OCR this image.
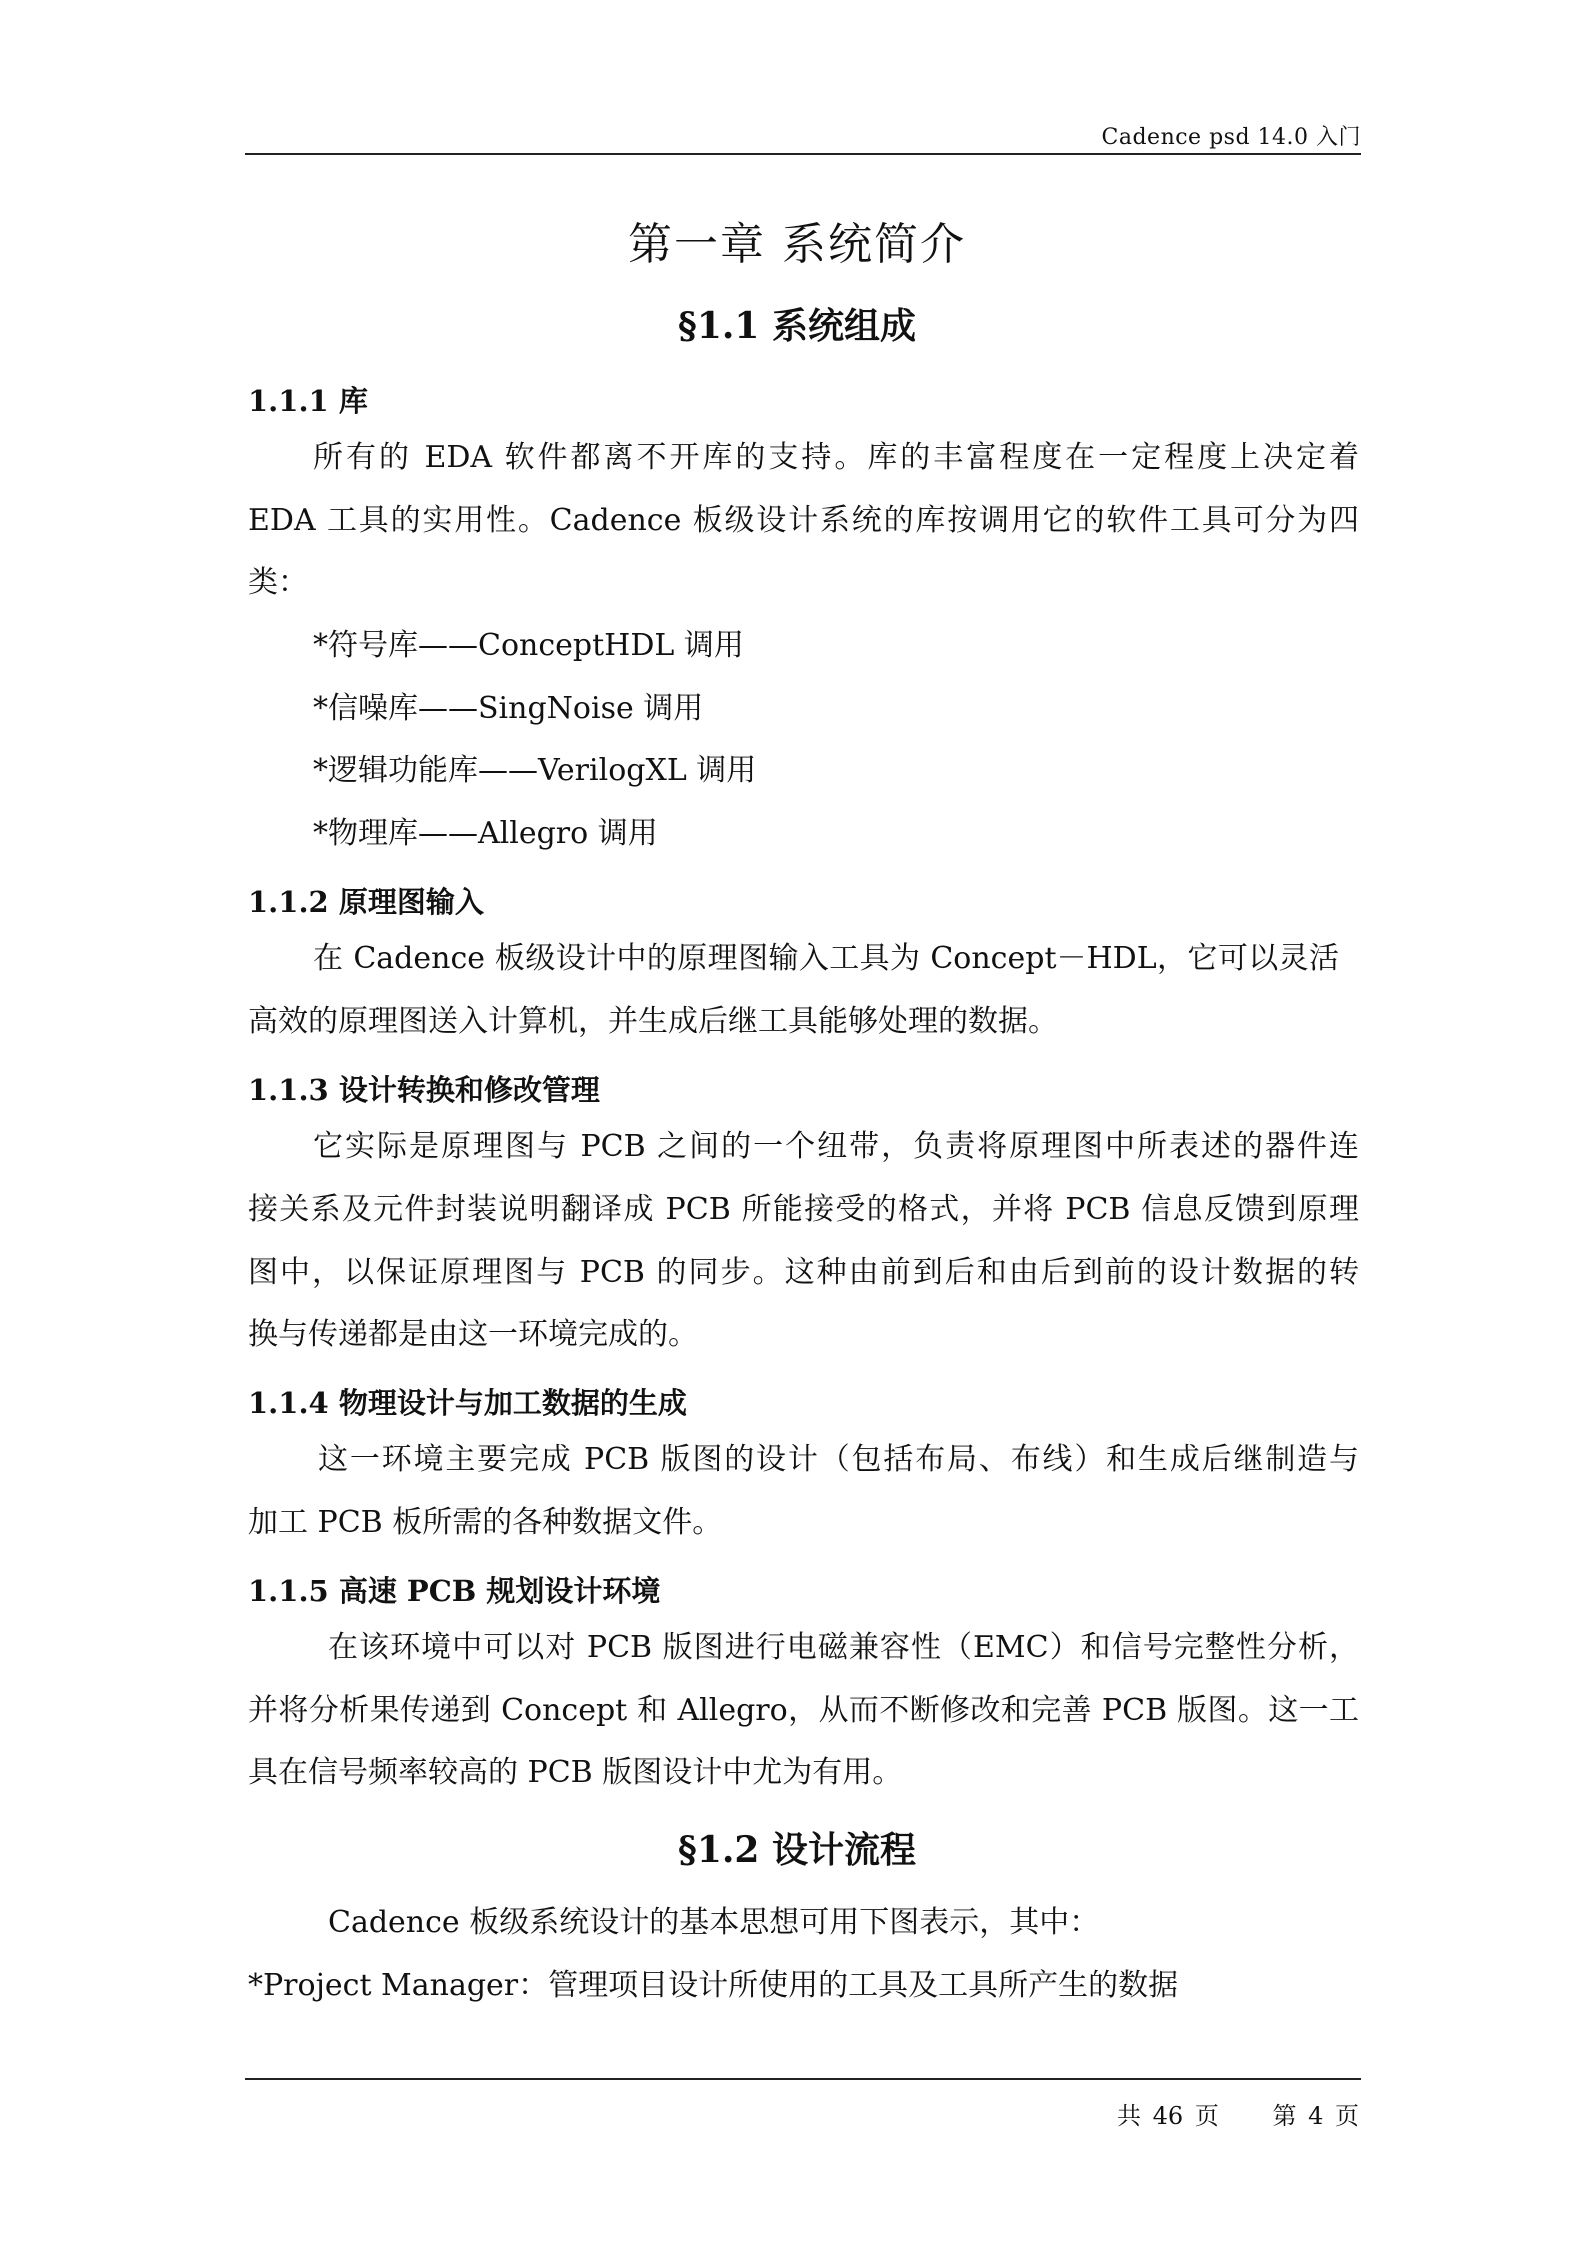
Cadence psd 14.0 入门
第一章 系统简介
§1.1 系统组成
1.1.1 库
所有的 EDA 软件都离不开库的支持。库的丰富程度在一定程度上决定着
EDA 工具的实用性。Cadence 板级设计系统的库按调用它的软件工具可分为四
类：
*符号库——ConceptHDL 调用
*信噪库——SingNoise 调用
*逻辑功能库——VerilogXL 调用
*物理库——Allegro 调用
1.1.2 原理图输入
在 Cadence 板级设计中的原理图输入工具为 Concept－HDL，它可以灵活
高效的原理图送入计算机，并生成后继工具能够处理的数据。
1.1.3 设计转换和修改管理
它实际是原理图与 PCB 之间的一个纽带，负责将原理图中所表述的器件连
接关系及元件封装说明翻译成 PCB 所能接受的格式，并将 PCB 信息反馈到原理
图中，以保证原理图与 PCB 的同步。这种由前到后和由后到前的设计数据的转
换与传递都是由这一环境完成的。
1.1.4 物理设计与加工数据的生成
这一环境主要完成 PCB 版图的设计（包括布局、布线）和生成后继制造与
加工 PCB 板所需的各种数据文件。
1.1.5 高速 PCB 规划设计环境
在该环境中可以对 PCB 版图进行电磁兼容性（EMC）和信号完整性分析，
并将分析果传递到 Concept 和 Allegro，从而不断修改和完善 PCB 版图。这一工
具在信号频率较高的 PCB 版图设计中尤为有用。
§1.2 设计流程
Cadence 板级系统设计的基本思想可用下图表示，其中：
*Project Manager：管理项目设计所使用的工具及工具所产生的数据
共 46 页 第 4 页
